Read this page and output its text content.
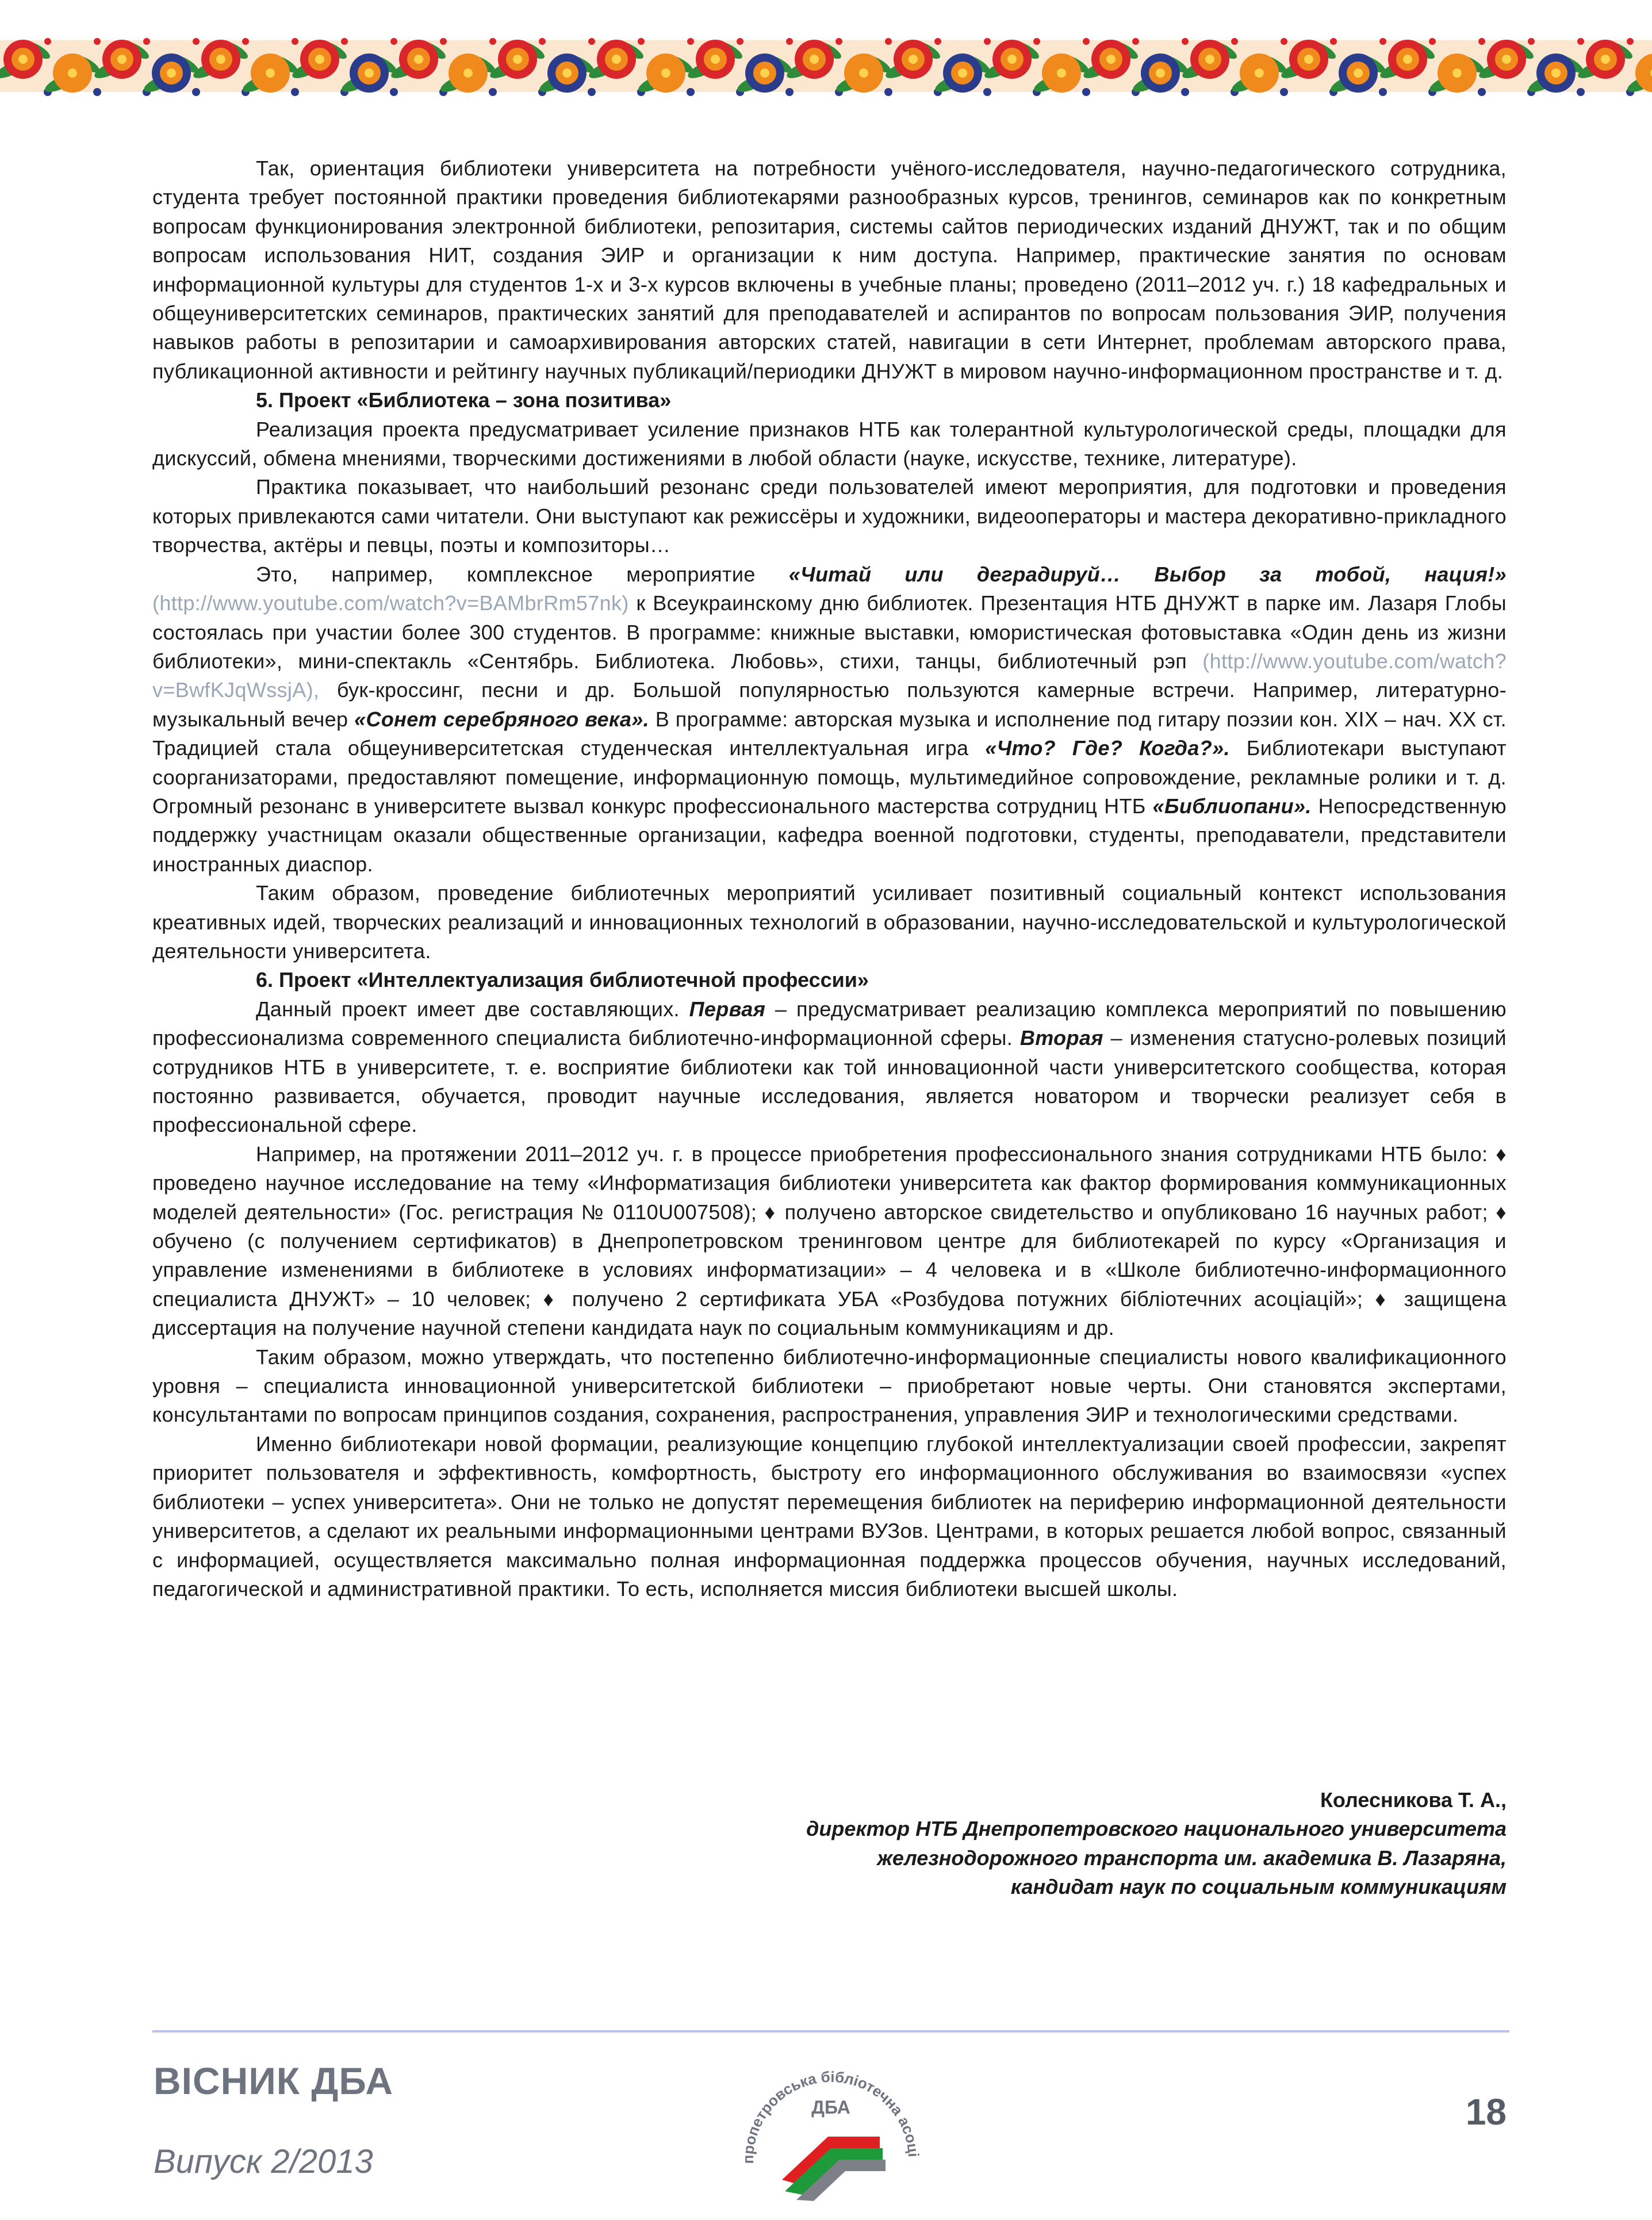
Так, ориентация библиотеки университета на потребности учёного-исследователя, научно-педагогического сотрудника, студента требует постоянной практики проведения библиотекарями разнообразных курсов, тренингов, семинаров как по конкретным вопросам функционирования электронной библиотеки, репозитария, системы сайтов периодических изданий ДНУЖТ, так и по общим вопросам использования НИТ, создания ЭИР и организации к ним доступа. Например, практические занятия по основам информационной культуры для студентов 1-х и 3-х курсов включены в учебные планы; проведено (2011–2012 уч. г.) 18 кафедральных и общеуниверситетских семинаров, практических занятий для преподавателей и аспирантов по вопросам пользования ЭИР, получения навыков работы в репозитарии и самоархивирования авторских статей, навигации в сети Интернет, проблемам авторского права, публикационной активности и рейтингу научных публикаций/периодики ДНУЖТ в мировом научно-информационном пространстве и т. д.

5. Проект «Библиотека – зона позитива»

Реализация проекта предусматривает усиление признаков НТБ как толерантной культурологической среды, площадки для дискуссий, обмена мнениями, творческими достижениями в любой области (науке, искусстве, технике, литературе).

Практика показывает, что наибольший резонанс среди пользователей имеют мероприятия, для подготовки и проведения которых привлекаются сами читатели. Они выступают как режиссёры и художники, видеооператоры и мастера декоративно-прикладного творчества, актёры и певцы, поэты и композиторы…

Это, например, комплексное мероприятие «Читай или деградируй… Выбор за тобой, нация!» (http://www.youtube.com/watch?v=BAMbrRm57nk) к Всеукраинскому дню библиотек. Презентация НТБ ДНУЖТ в парке им. Лазаря Глобы состоялась при участии более 300 студентов. В программе: книжные выставки, юмористическая фотовыставка «Один день из жизни библиотеки», мини-спектакль «Сентябрь. Библиотека. Любовь», стихи, танцы, библиотечный рэп (http://www.youtube.com/watch?v=BwfKJqWssjA), бук-кроссинг, песни и др. Большой популярностью пользуются камерные встречи. Например, литературно-музыкальный вечер «Сонет серебряного века». В программе: авторская музыка и исполнение под гитару поэзии кон. XIX – нач. XX ст. Традицией стала общеуниверситетская студенческая интеллектуальная игра «Что? Где? Когда?». Библиотекари выступают соорганизаторами, предоставляют помещение, информационную помощь, мультимедийное сопровождение, рекламные ролики и т. д. Огромный резонанс в университете вызвал конкурс профессионального мастерства сотрудниц НТБ «Библиопани». Непосредственную поддержку участницам оказали общественные организации, кафедра военной подготовки, студенты, преподаватели, представители иностранных диаспор.

Таким образом, проведение библиотечных мероприятий усиливает позитивный социальный контекст использования креативных идей, творческих реализаций и инновационных технологий в образовании, научно-исследовательской и культурологической деятельности университета.

6. Проект «Интеллектуализация библиотечной профессии»

Данный проект имеет две составляющих. Первая – предусматривает реализацию комплекса мероприятий по повышению профессионализма современного специалиста библиотечно-информационной сферы. Вторая – изменения статусно-ролевых позиций сотрудников НТБ в университете, т. е. восприятие библиотеки как той инновационной части университетского сообщества, которая постоянно развивается, обучается, проводит научные исследования, является новатором и творчески реализует себя в профессиональной сфере.

Например, на протяжении 2011–2012 уч. г. в процессе приобретения профессионального знания сотрудниками НТБ было: ♦ проведено научное исследование на тему «Информатизация библиотеки университета как фактор формирования коммуникационных моделей деятельности» (Гос. регистрация № 0110U007508); ♦ получено авторское свидетельство и опубликовано 16 научных работ; ♦ обучено (с получением сертификатов) в Днепропетровском тренинговом центре для библиотекарей по курсу «Организация и управление изменениями в библиотеке в условиях информатизации» – 4 человека и в «Школе библиотечно-информационного специалиста ДНУЖТ» – 10 человек; ♦ получено 2 сертификата УБА «Розбудова потужних бібліотечних асоціацій»; ♦ защищена диссертация на получение научной степени кандидата наук по социальным коммуникациям и др.

Таким образом, можно утверждать, что постепенно библиотечно-информационные специалисты нового квалификационного уровня – специалиста инновационной университетской библиотеки – приобретают новые черты. Они становятся экспертами, консультантами по вопросам принципов создания, сохранения, распространения, управления ЭИР и технологическими средствами.

Именно библиотекари новой формации, реализующие концепцию глубокой интеллектуализации своей профессии, закрепят приоритет пользователя и эффективность, комфортность, быстроту его информационного обслуживания во взаимосвязи «успех библиотеки – успех университета». Они не только не допустят перемещения библиотек на периферию информационной деятельности университетов, а сделают их реальными информационными центрами ВУЗов. Центрами, в которых решается любой вопрос, связанный с информацией, осуществляется максимально полная информационная поддержка процессов обучения, научных исследований, педагогической и административной практики. То есть, исполняется миссия библиотеки высшей школы.

Колесникова Т. А.,
директор НТБ Днепропетровского национального университета
железнодорожного транспорта им. академика В. Лазаряна,
кандидат наук по социальным коммуникациям
ВІСНИК ДБА
Випуск 2/2013
18
пропетровська бібліотечна асоці
ДБА
